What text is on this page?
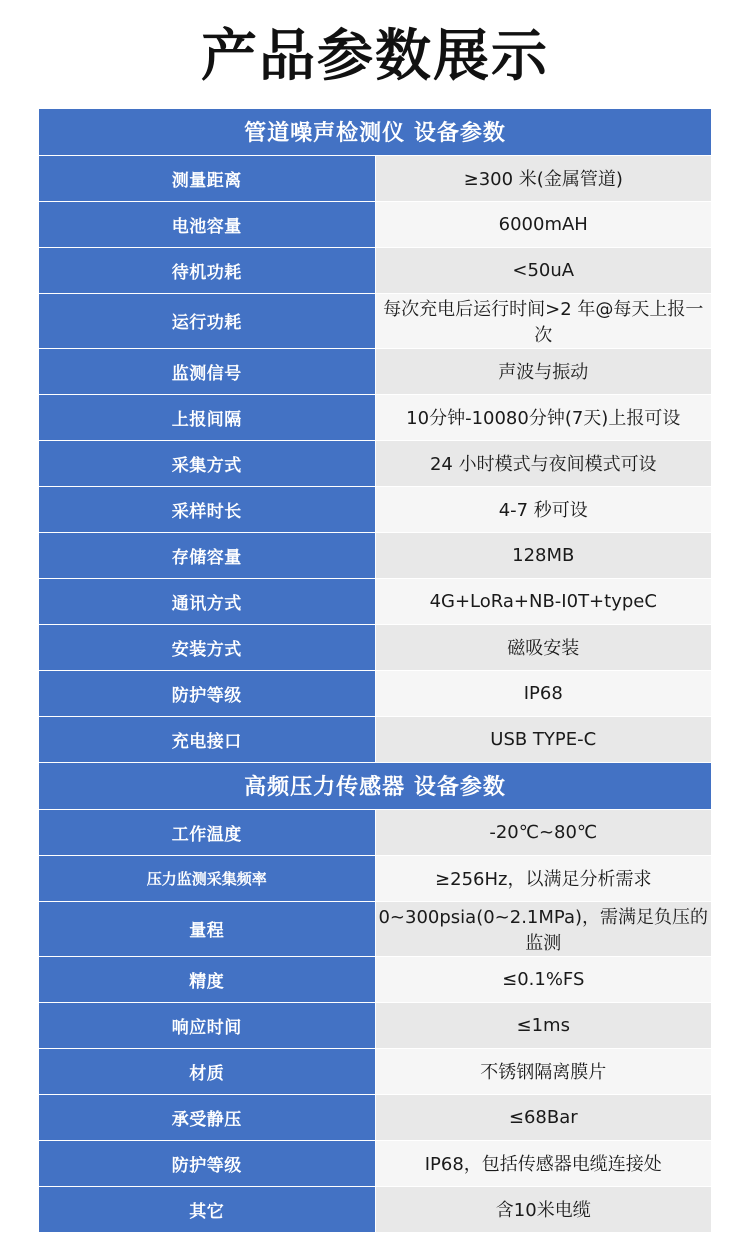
产品参数展示
管道噪声检测仪 设备参数	
测量距离	≥300 米(金属管道)
电池容量	6000mAH
待机功耗	<50uA
运行功耗	每次充电后运行时间>2 年@每天上报一次
监测信号	声波与振动
上报间隔	10分钟-10080分钟(7天)上报可设
采集方式	24 小时模式与夜间模式可设
采样时长	4-7 秒可设
存储容量	128MB
通讯方式	4G+LoRa+NB-I0T+typeC
安装方式	磁吸安装
防护等级	IP68
充电接口	USB TYPE-C
高频压力传感器 设备参数	
工作温度	-20℃~80℃
压力监测采集频率	≥256Hz，以满足分析需求
量程	0~300psia(0~2.1MPa)，需满足负压的监测
精度	≤0.1%FS
响应时间	≤1ms
材质	不锈钢隔离膜片
承受静压	≤68Bar
防护等级	IP68，包括传感器电缆连接处
其它	含10米电缆
